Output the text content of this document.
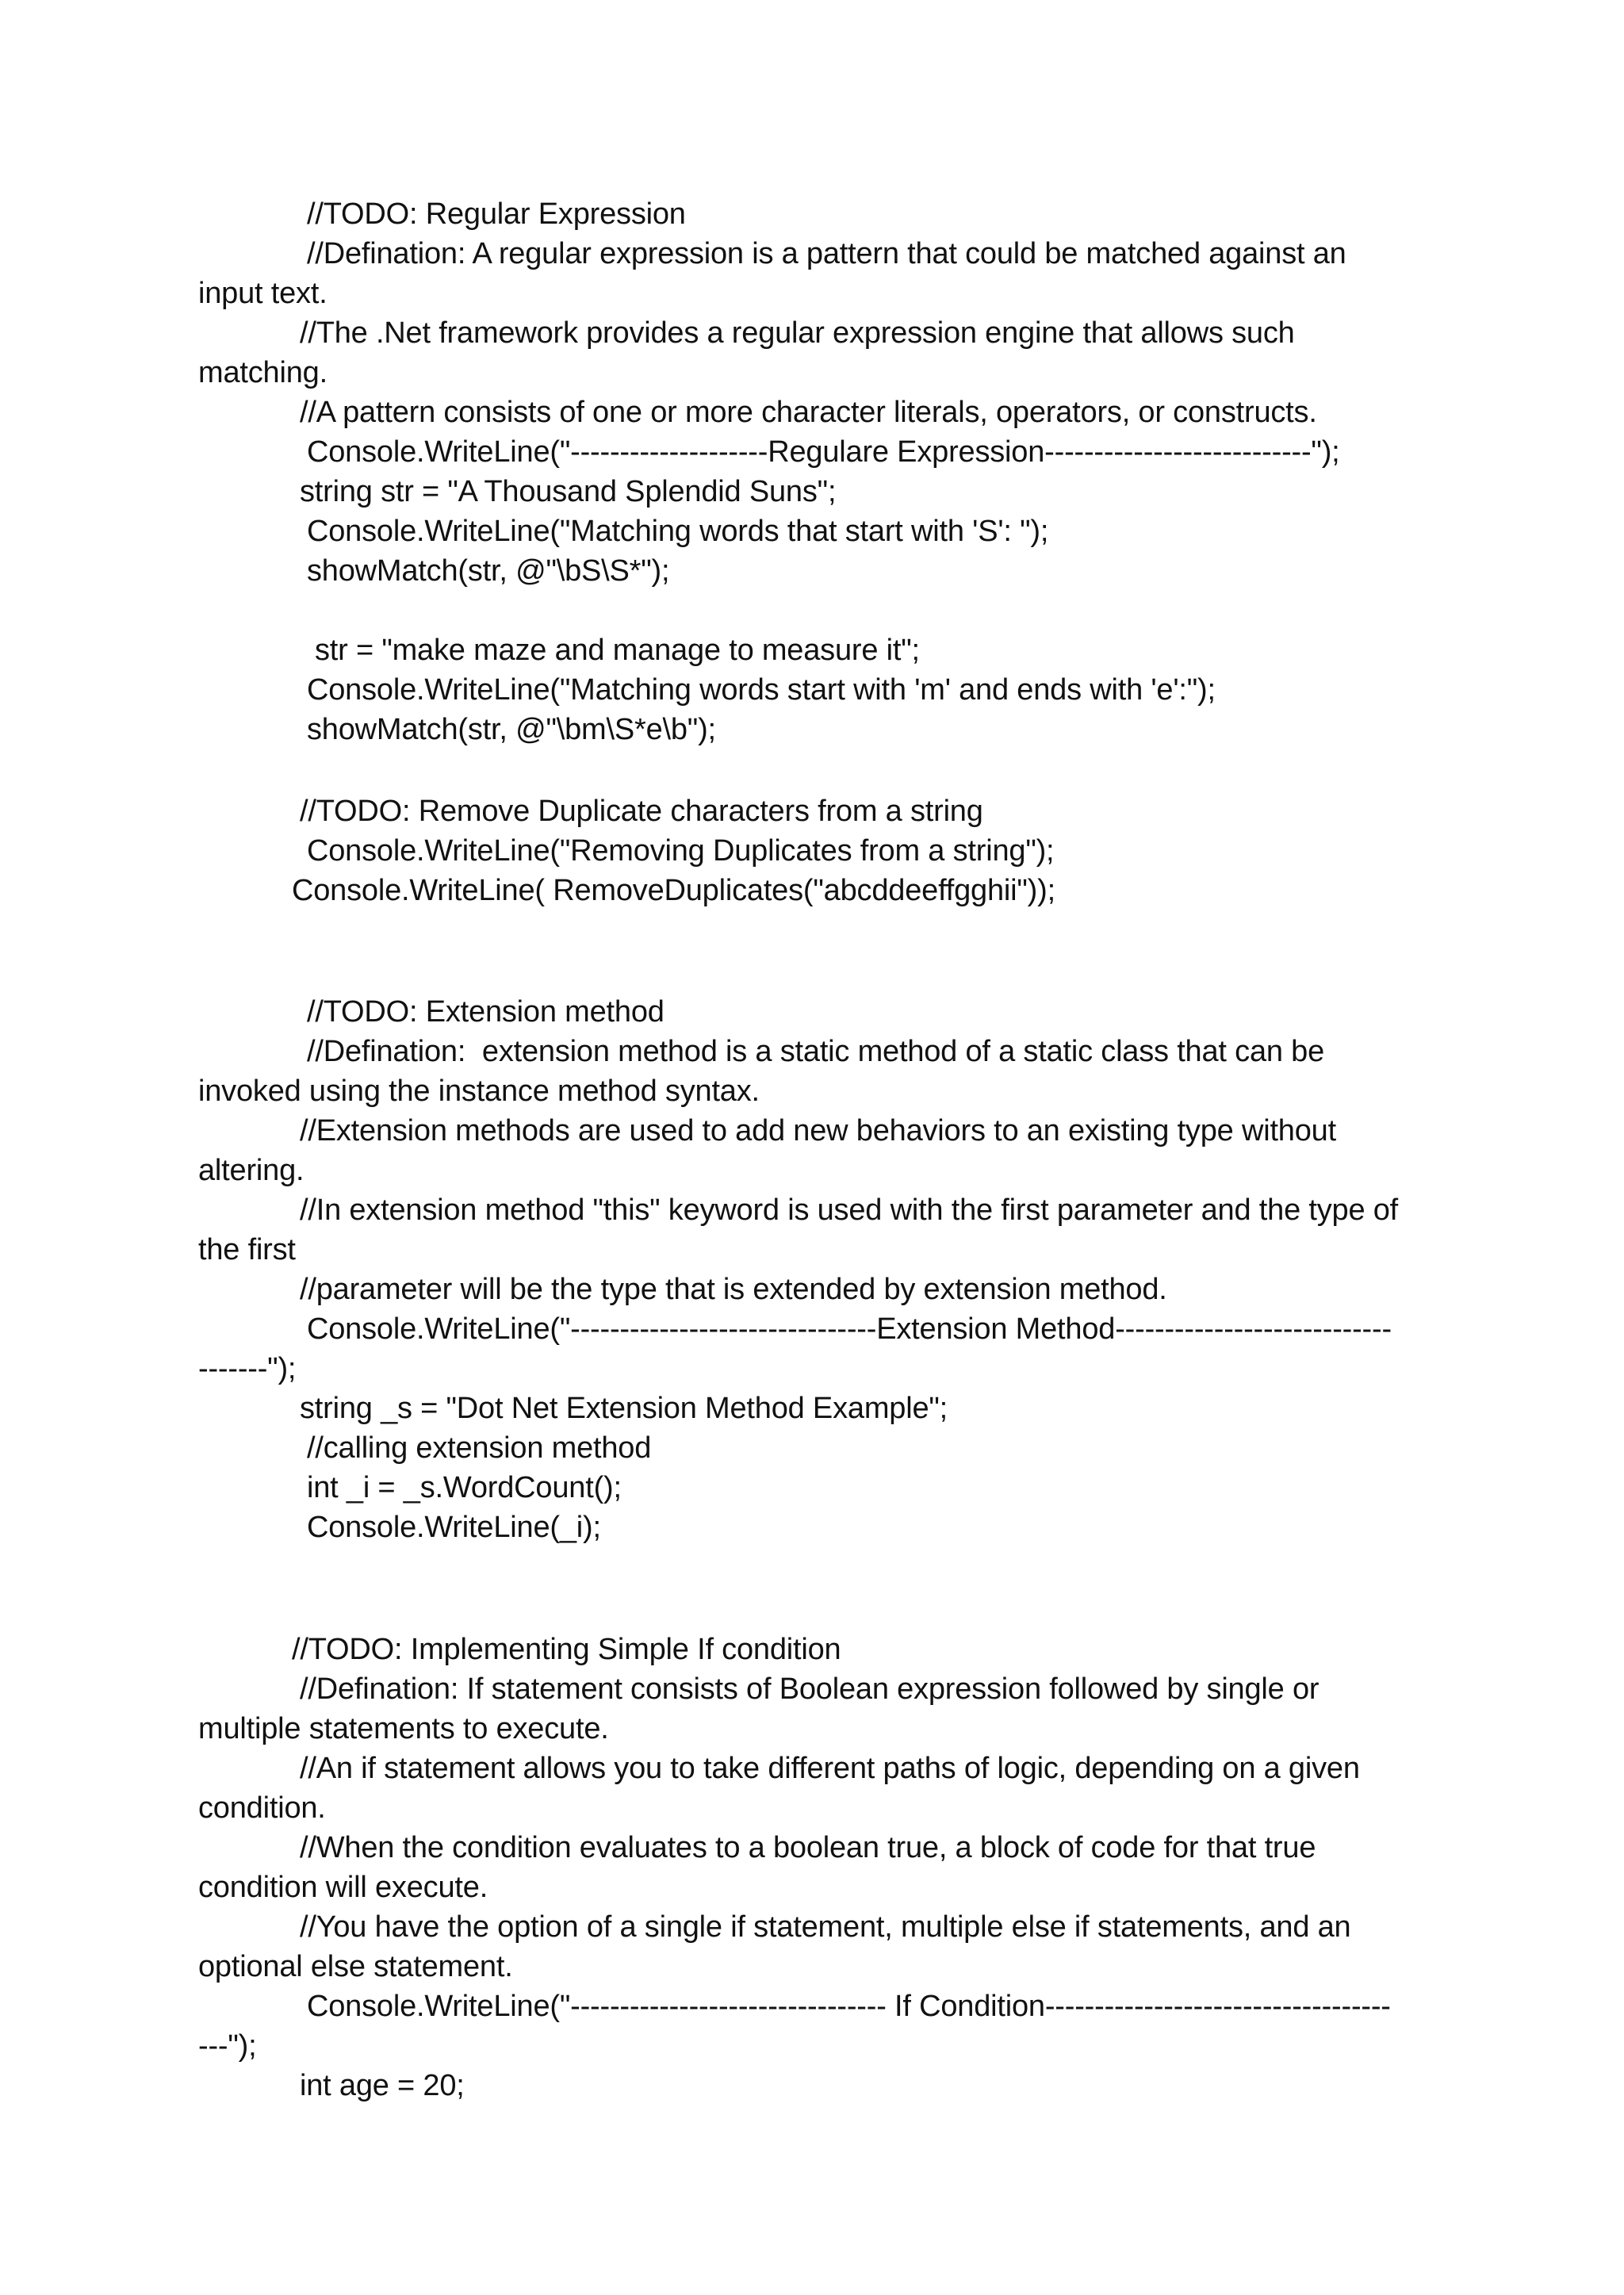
//TODO: Regular Expression
//Defination: A regular expression is a pattern that could be matched against an
input text.
//The .Net framework provides a regular expression engine that allows such
matching.
//A pattern consists of one or more character literals, operators, or constructs.
Console.WriteLine("--------------------Regulare Expression---------------------------");
string str = "A Thousand Splendid Suns";
Console.WriteLine("Matching words that start with 'S': ");
showMatch(str, @"\bS\S*");
str = "make maze and manage to measure it";
Console.WriteLine("Matching words start with 'm' and ends with 'e':");
showMatch(str, @"\bm\S*e\b");
//TODO: Remove Duplicate characters from a string
Console.WriteLine("Removing Duplicates from a string");
Console.WriteLine( RemoveDuplicates("abcddeeffgghii"));
//TODO: Extension method
//Defination:  extension method is a static method of a static class that can be
invoked using the instance method syntax.
//Extension methods are used to add new behaviors to an existing type without
altering.
//In extension method "this" keyword is used with the first parameter and the type of
the first
//parameter will be the type that is extended by extension method.
Console.WriteLine("-------------------------------Extension Method----------------------------
-------");
string _s = "Dot Net Extension Method Example";
//calling extension method
int _i = _s.WordCount();
Console.WriteLine(_i);
//TODO: Implementing Simple If condition
//Defination: If statement consists of Boolean expression followed by single or
multiple statements to execute.
//An if statement allows you to take different paths of logic, depending on a given
condition.
//When the condition evaluates to a boolean true, a block of code for that true
condition will execute.
//You have the option of a single if statement, multiple else if statements, and an
optional else statement.
Console.WriteLine("-------------------------------- If Condition-----------------------------------
---");
int age = 20;
